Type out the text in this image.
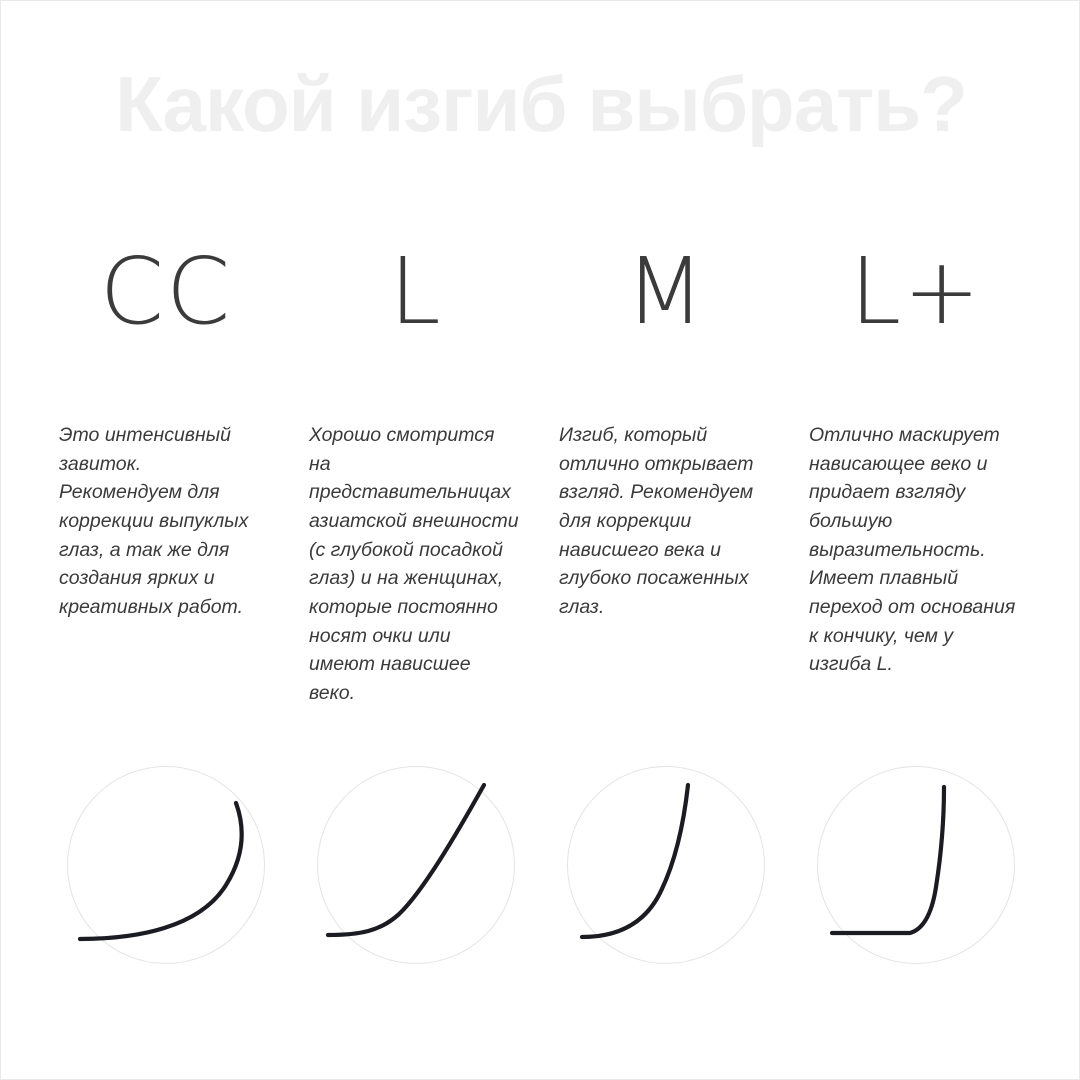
Какой изгиб выбрать?
CC
Это интенсивный завиток. Рекомендуем для коррекции выпуклых глаз, а так же для создания ярких и креативных работ.
L
Хорошо смотрится на представительницах азиатской внешности (с глубокой посадкой глаз) и на женщинах, которые постоянно носят очки или имеют нависшее веко.
M
Изгиб, который отлично открывает взгляд. Рекомендуем для коррекции нависшего века и глубоко посаженных глаз.
L+
Отлично маскирует нависающее веко и придает взгляду большую выразительность. Имеет плавный переход от основания к кончику, чем у изгиба L.
